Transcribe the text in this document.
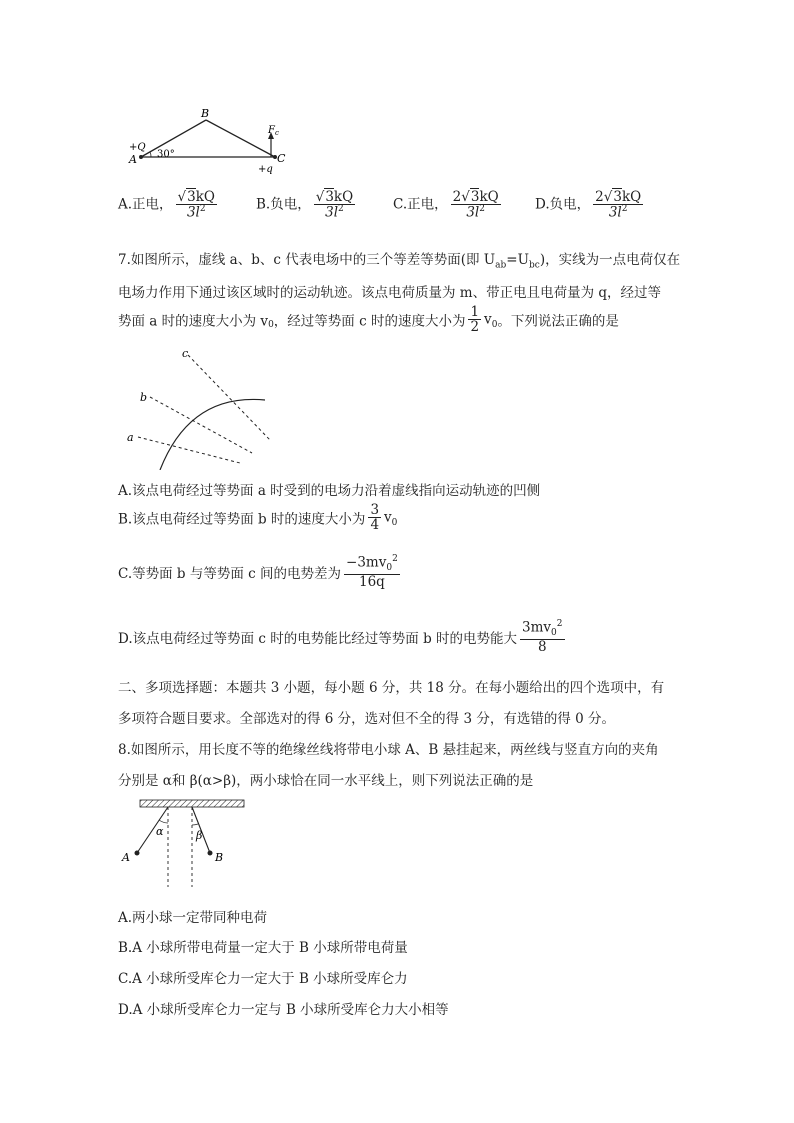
B
+Q
A 30°	C
+q
$F_c$
A.正电， $\frac{√3kQ}{3l^2}$	B.负电， $\frac{√3kQ}{3l^2}$	C.正电， $\frac{2√3kQ}{3l^2}$	D.负电， $\frac{2√3kQ}{3l^2}$
7.如图所示，虚线 a、b、c 代表电场中的三个等差等势面(即 $U_{ab}=U_{bc}$)，实线为一点电荷仅在
电场力作用下通过该区域时的运动轨迹。该点电荷质量为 m、带正电且电荷量为 q，经过等
势面 a 时的速度大小为 $v_0$，经过等势面 c 时的速度大小为 $\frac{1}{2} v_0$。下列说法正确的是
c
b
a
A.该点电荷经过等势面 a 时受到的电场力沿着虚线指向运动轨迹的凹侧
B.该点电荷经过等势面 b 时的速度大小为 $\frac{3}{4} v_0$
C.等势面 b 与等势面 c 间的电势差为 $\frac{-3mv_0^2}{16q}$
D.该点电荷经过等势面 c 时的电势能比经过等势面 b 时的电势能大 $\frac{3mv_0^2}{8}$
二、多项选择题：本题共 3 小题，每小题 6 分，共 18 分。在每小题给出的四个选项中，有
多项符合题目要求。全部选对的得 6 分，选对但不全的得 3 分，有选错的得 0 分。
8.如图所示，用长度不等的绝缘丝线将带电小球 A、B 悬挂起来，两丝线与竖直方向的夹角
分别是 α和 β(α>β)，两小球恰在同一水平线上，则下列说法正确的是
α	β
A	B
A.两小球一定带同种电荷
B.A 小球所带电荷量一定大于 B 小球所带电荷量
C.A 小球所受库仑力一定大于 B 小球所受库仑力
D.A 小球所受库仑力一定与 B 小球所受库仑力大小相等
